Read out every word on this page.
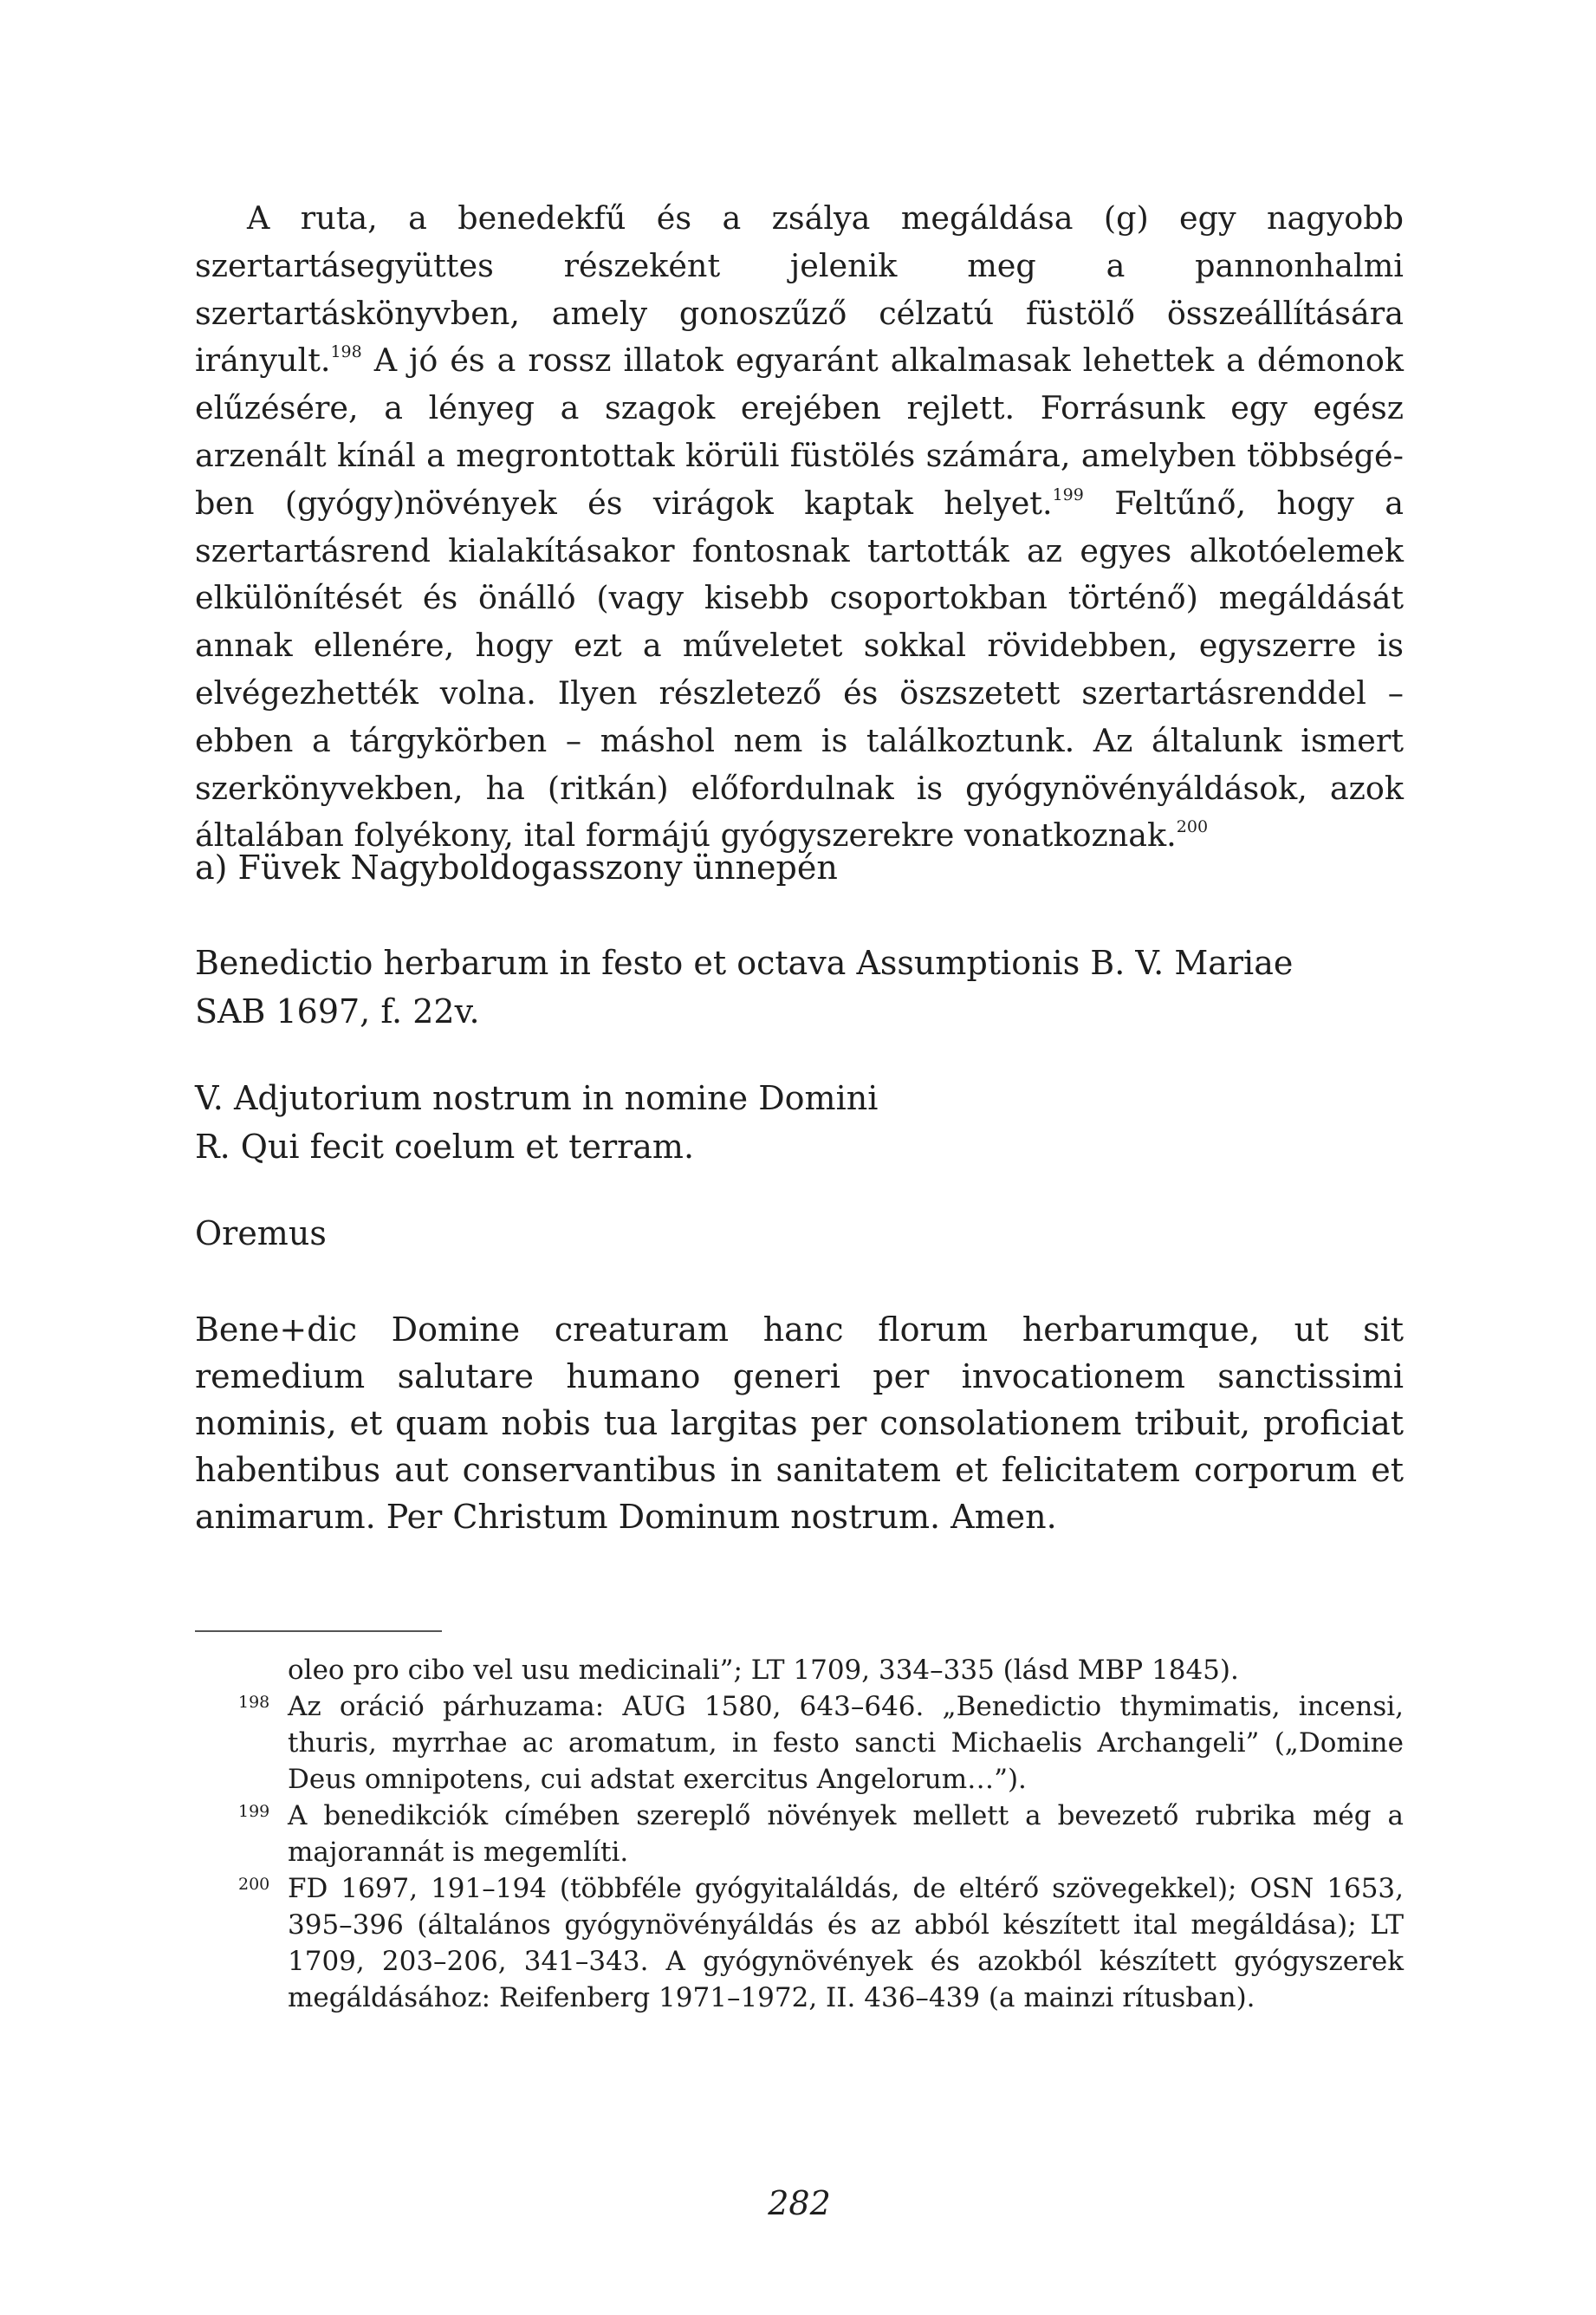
A ruta, a benedekfű és a zsálya megáldása (g) egy nagyobb szertartásegyüttes részeként jelenik meg a pannonhalmi szertartáskönyvben, amely gonoszűző célzatú füstölő összeállítására irányult.$^{198}$ A jó és a rossz illatok egyaránt alkalmasak lehettek a démonok elűzésére, a lényeg a szagok erejében rejlett. Forrásunk egy egész arzenált kínál a megrontottak körüli füstölés számára, amelyben többségében (gyógy)növények és virágok kaptak helyet.$^{199}$ Feltűnő, hogy a szertartásrend kialakításakor fontosnak tartották az egyes alkotóelemek elkülönítését és önálló (vagy kisebb csoportokban történő) megáldását annak ellenére, hogy ezt a műveletet sokkal rövidebben, egyszerre is elvégezhették volna. Ilyen részletező és öszszetett szertartásrenddel – ebben a tárgykörben – máshol nem is találkoztunk. Az általunk ismert szerkönyvekben, ha (ritkán) előfordulnak is gyógynövényáldások, azok általában folyékony, ital formájú gyógyszerekre vonatkoznak.$^{200}$

a) Füvek Nagyboldogasszony ünnepén

Benedictio herbarum in festo et octava Assumptionis B. V. Mariae
SAB 1697, f. 22v.
V. Adjutorium nostrum in nomine Domini
R. Qui fecit coelum et terram.
Oremus

Bene+dic Domine creaturam hanc florum herbarumque, ut sit remedium salutare humano generi per invocationem sanctissimi nominis, et quam nobis tua largitas per consolationem tribuit, proficiat habentibus aut conservantibus in sanitatem et felicitatem corporum et animarum. Per Christum Dominum nostrum. Amen.

oleo pro cibo vel usu medicinali”; LT 1709, 334–335 (lásd MBP 1845).

198 Az oráció párhuzama: AUG 1580, 643–646. „Benedictio thymimatis, incensi, thuris, myrrhae ac aromatum, in festo sancti Michaelis Archangeli” („Domine Deus omnipotens, cui adstat exercitus Angelorum…”).

199 A benedikciók címében szereplő növények mellett a bevezető rubrika még a majorannát is megemlíti.

200 FD 1697, 191–194 (többféle gyógyitaláldás, de eltérő szövegekkel); OSN 1653, 395–396 (általános gyógynövényáldás és az abból készített ital megáldása); LT 1709, 203–206, 341–343. A gyógynövények és azokból készített gyógyszerek megáldásához: Reifenberg 1971–1972, II. 436–439 (a mainzi rítusban).

282
